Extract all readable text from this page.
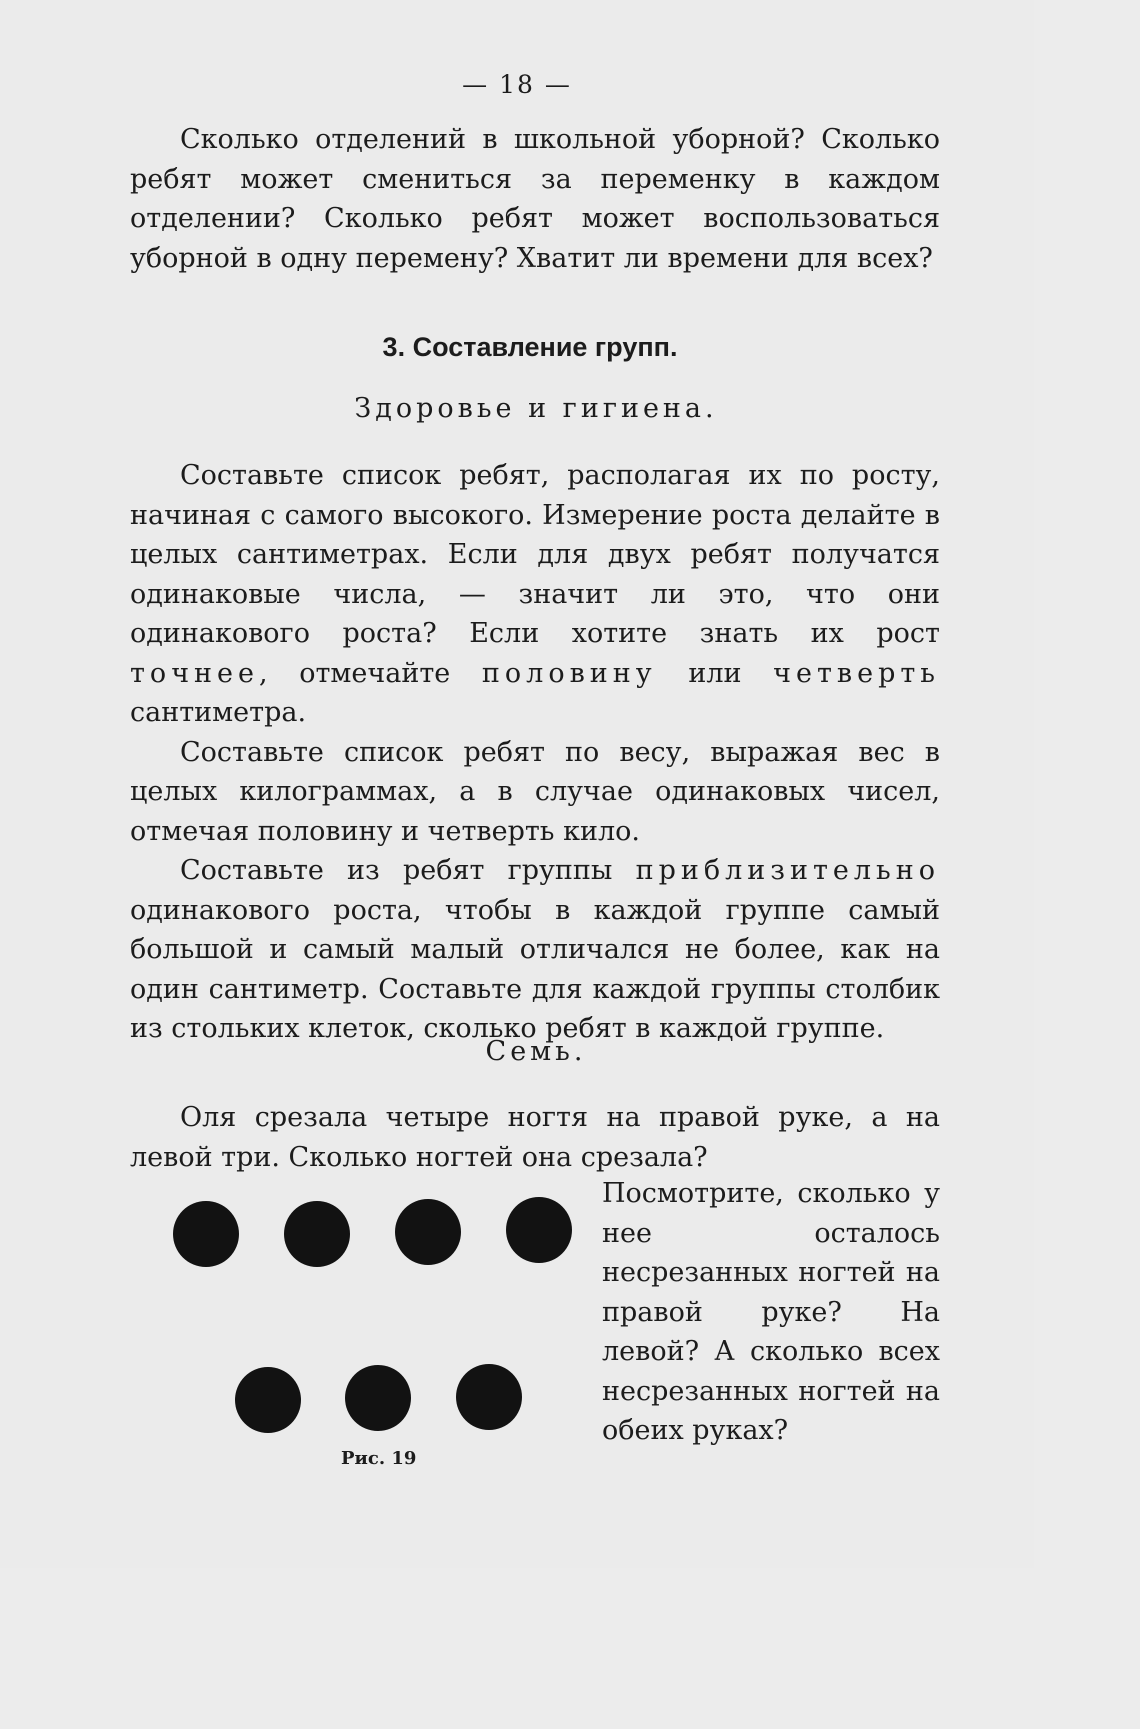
— 18 —

Сколько отделений в школьной уборной? Сколько ребят может смениться за переменку в каждом отделении? Сколько ребят может воспользоваться уборной в одну перемену? Хватит ли времени для всех?

3. Составление групп.
Здоровье и гигиена.

Составьте список ребят, располагая их по росту, начиная с самого высокого. Измерение роста делайте в целых сантиметрах. Если для двух ребят получатся одинаковые числа, — значит ли это, что они одинакового роста? Если хотите знать их рост точнее, отмечайте половину или четверть сантиметра.

Составьте список ребят по весу, выражая вес в целых килограммах, а в случае одинаковых чисел, отмечая половину и четверть кило.

Составьте из ребят группы приблизительно одинакового роста, чтобы в каждой группе самый большой и самый малый отличался не более, как на один сантиметр. Составьте для каждой группы столбик из стольких клеток, сколько ребят в каждой группе.

Семь.

Оля срезала четыре ногтя на правой руке, а на левой три. Сколько ногтей она срезала?

Рис. 19
Посмотрите, сколько у нее осталось несрезанных ногтей на правой руке? На левой? А сколько всех несрезанных ногтей на обеих руках?
